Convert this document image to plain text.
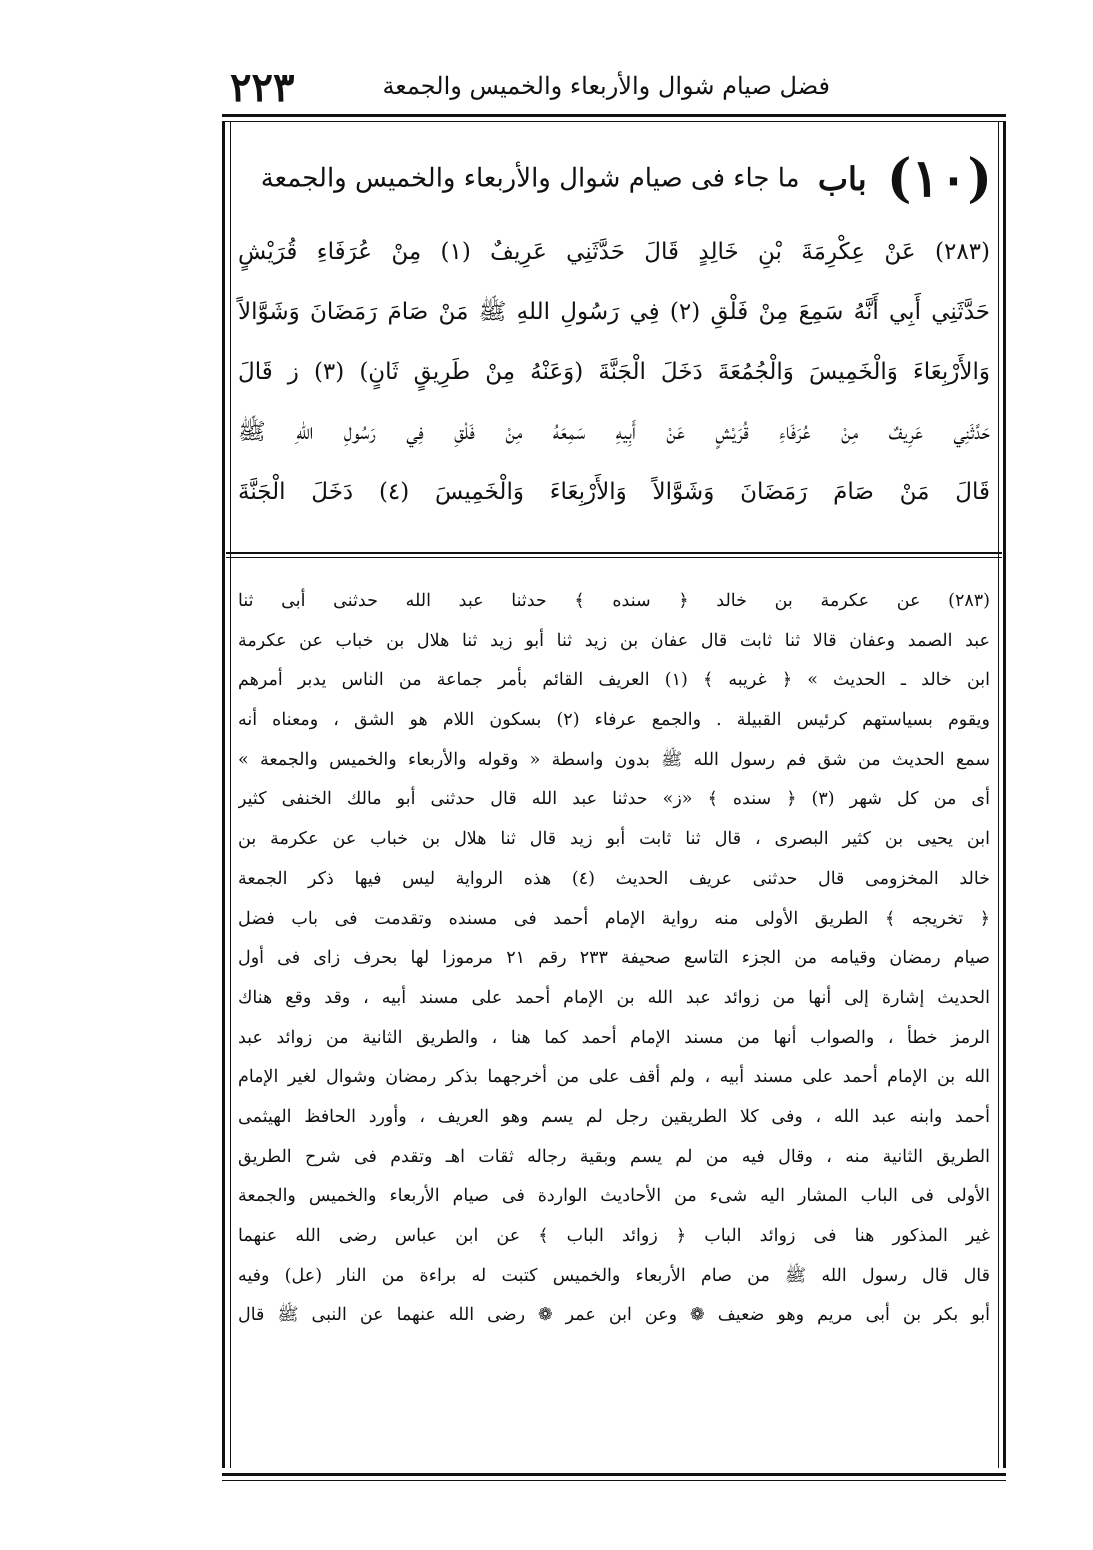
٢٢٣	فضل صيام شوال والأربعاء والخميس والجمعة
(١٠) باب ما جاء فى صيام شوال والأربعاء والخميس والجمعة
(٢٨٣) عَنْ عِكْرِمَةَ بْنِ خَالِدٍ قَالَ حَدَّثَنِي عَرِيفٌ (١) مِنْ عُرَفَاءِ قُرَيْشٍ
حَدَّثَنِي أَبِي أَنَّهُ سَمِعَ مِنْ فَلْقِ (٢) فِي رَسُولِ اللهِ ﷺ مَنْ صَامَ رَمَضَانَ وَشَوَّالاً
وَالأَرْبِعَاءَ وَالْخَمِيسَ وَالْجُمُعَةَ دَخَلَ الْجَنَّةَ (وَعَنْهُ مِنْ طَرِيقٍ ثَانٍ) (٣) ز قَالَ
حَدَّثَنِي عَرِيفٌ مِنْ عُرَفَاءِ قُرَيْشٍ عَنْ أَبِيهِ سَمِعَهُ مِنْ فَلْقِ فِي رَسُولِ اللهِ ﷺ
قَالَ مَنْ صَامَ رَمَضَانَ وَشَوَّالاً وَالأَرْبِعَاءَ وَالْخَمِيسَ (٤) دَخَلَ الْجَنَّةَ
(٢٨٣) عن عكرمة بن خالد ﴿ سنده ﴾ حدثنا عبد الله حدثنى أبى ثنا
عبد الصمد وعفان قالا ثنا ثابت قال عفان بن زيد ثنا أبو زيد ثنا هلال بن خباب عن عكرمة
ابن خالد ـ الحديث » ﴿ غريبه ﴾ (١) العريف القائم بأمر جماعة من الناس يدبر أمرهم
ويقوم بسياستهم كرئيس القبيلة . والجمع عرفاء (٢) بسكون اللام هو الشق ، ومعناه أنه
سمع الحديث من شق فم رسول الله ﷺ بدون واسطة « وقوله والأربعاء والخميس والجمعة »
أى من كل شهر (٣) ﴿ سنده ﴾ «ز» حدثنا عبد الله قال حدثنى أبو مالك الخنفى كثير
ابن يحيى بن كثير البصرى ، قال ثنا ثابت أبو زيد قال ثنا هلال بن خباب عن عكرمة بن
خالد المخزومى قال حدثنى عريف الحديث (٤) هذه الرواية ليس فيها ذكر الجمعة
﴿ تخريجه ﴾ الطريق الأولى منه رواية الإمام أحمد فى مسنده وتقدمت فى باب فضل
صيام رمضان وقيامه من الجزء التاسع صحيفة ٢٣٣ رقم ٢١ مرموزا لها بحرف زاى فى أول
الحديث إشارة إلى أنها من زوائد عبد الله بن الإمام أحمد على مسند أبيه ، وقد وقع هناك
الرمز خطأ ، والصواب أنها من مسند الإمام أحمد كما هنا ، والطريق الثانية من زوائد عبد
الله بن الإمام أحمد على مسند أبيه ، ولم أقف على من أخرجهما بذكر رمضان وشوال لغير الإمام
أحمد وابنه عبد الله ، وفى كلا الطريقين رجل لم يسم وهو العريف ، وأورد الحافظ الهيثمى
الطريق الثانية منه ، وقال فيه من لم يسم وبقية رجاله ثقات اهـ وتقدم فى شرح الطريق
الأولى فى الباب المشار اليه شىء من الأحاديث الواردة فى صيام الأربعاء والخميس والجمعة
غير المذكور هنا فى زوائد الباب ﴿ زوائد الباب ﴾ عن ابن عباس رضى الله عنهما
قال قال رسول الله ﷺ من صام الأربعاء والخميس كتبت له براءة من النار (عل) وفيه
أبو بكر بن أبى مريم وهو ضعيف ❁ وعن ابن عمر ❁ رضى الله عنهما عن النبى ﷺ قال
